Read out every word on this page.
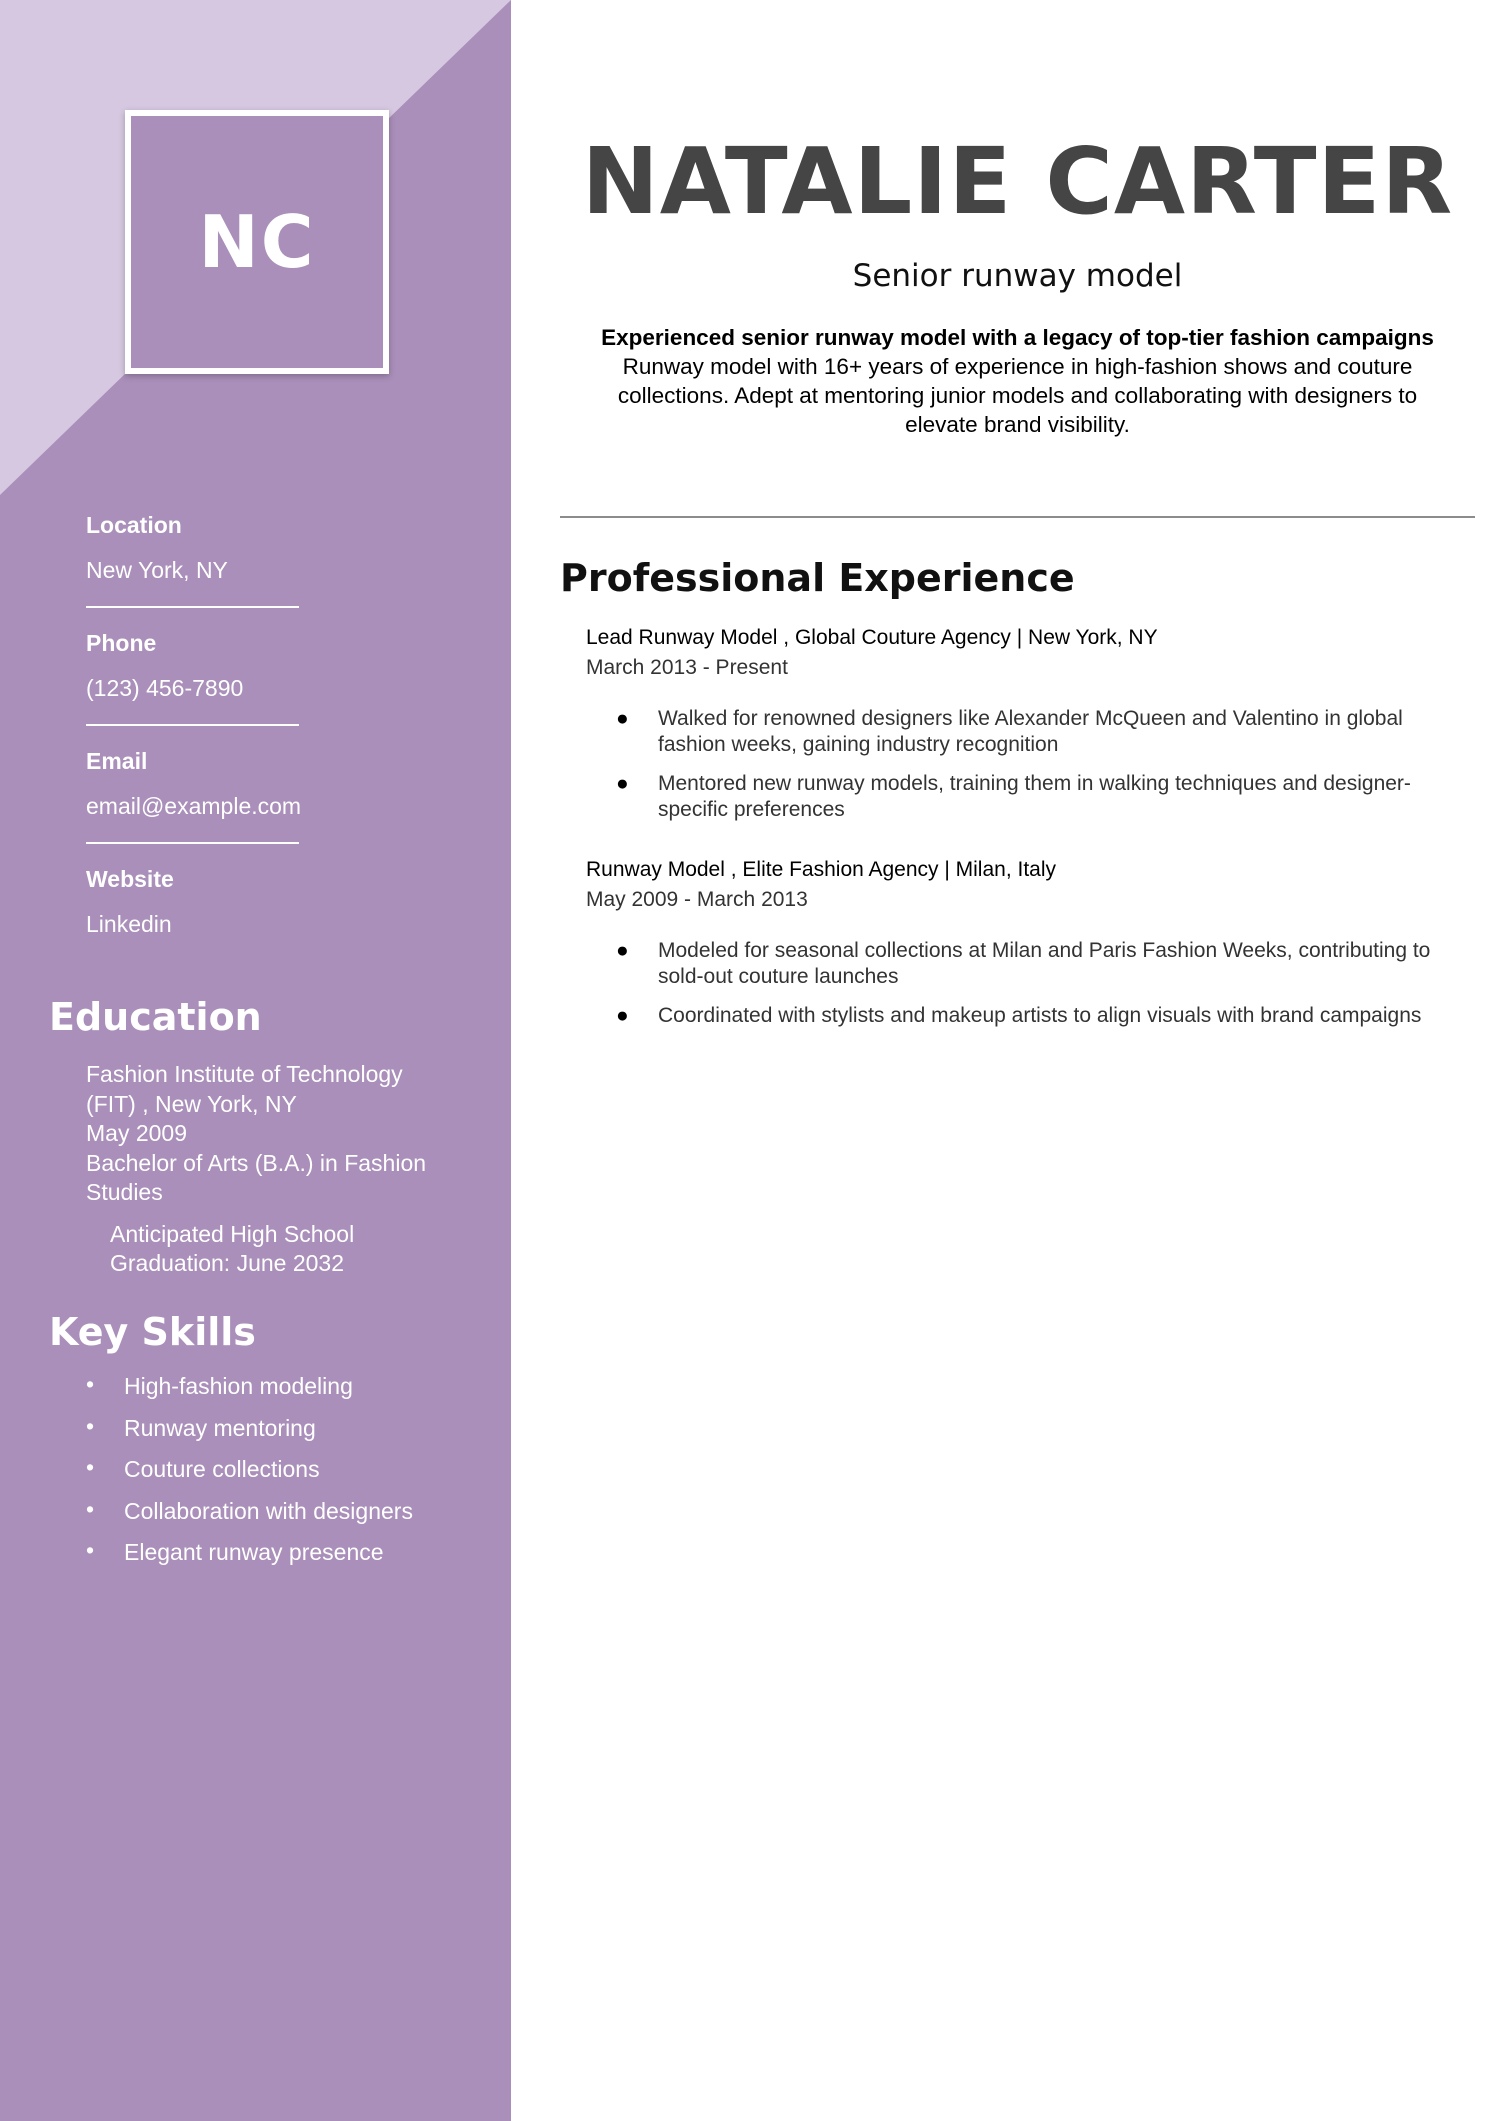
NC

Location

New York, NY

Phone

(123) 456-7890

Email

email@example.com

Website

Linkedin

Education
Fashion Institute of Technology
(FIT) , New York, NY
May 2009
Bachelor of Arts (B.A.) in Fashion
Studies
Anticipated High School
Graduation: June 2032
Key Skills
• High-fashion modeling
• Runway mentoring
• Couture collections
• Collaboration with designers
• Elegant runway presence
NATALIE CARTER

Senior runway model

Experienced senior runway model with a legacy of top-tier fashion campaigns
Runway model with 16+ years of experience in high-fashion shows and couture collections. Adept at mentoring junior models and collaborating with designers to elevate brand visibility.
Professional Experience
Lead Runway Model , Global Couture Agency | New York, NY
March 2013 - Present
● Walked for renowned designers like Alexander McQueen and Valentino in global fashion weeks, gaining industry recognition
● Mentored new runway models, training them in walking techniques and designer-specific preferences
Runway Model , Elite Fashion Agency | Milan, Italy
May 2009 - March 2013
● Modeled for seasonal collections at Milan and Paris Fashion Weeks, contributing to sold-out couture launches
● Coordinated with stylists and makeup artists to align visuals with brand campaigns
